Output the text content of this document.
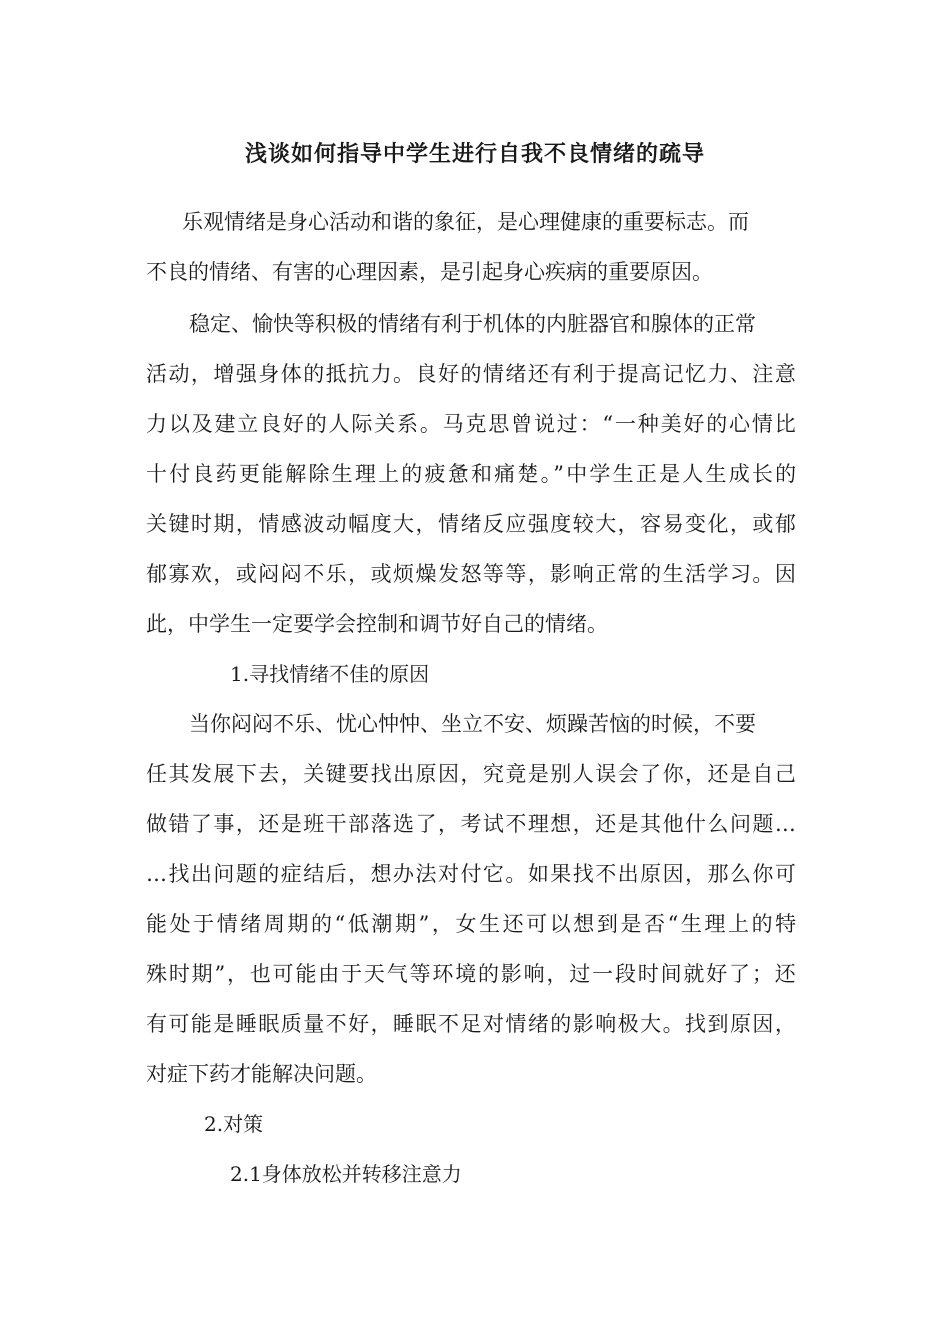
浅谈如何指导中学生进行自我不良情绪的疏导
乐观情绪是身心活动和谐的象征，是心理健康的重要标志。而
不良的情绪、有害的心理因素，是引起身心疾病的重要原因。
稳定、愉快等积极的情绪有利于机体的内脏器官和腺体的正常
活动，增强身体的抵抗力。良好的情绪还有利于提高记忆力、注意
力以及建立良好的人际关系。马克思曾说过：“一种美好的心情比
十付良药更能解除生理上的疲惫和痛楚。”中学生正是人生成长的
关键时期，情感波动幅度大，情绪反应强度较大，容易变化，或郁
郁寡欢，或闷闷不乐，或烦燥发怒等等，影响正常的生活学习。因
此，中学生一定要学会控制和调节好自己的情绪。
1.寻找情绪不佳的原因
当你闷闷不乐、忧心忡忡、坐立不安、烦躁苦恼的时候，不要
任其发展下去，关键要找出原因，究竟是别人误会了你，还是自己
做错了事，还是班干部落选了，考试不理想，还是其他什么问题…
…找出问题的症结后，想办法对付它。如果找不出原因，那么你可
能处于情绪周期的“低潮期”，女生还可以想到是否“生理上的特
殊时期”，也可能由于天气等环境的影响，过一段时间就好了；还
有可能是睡眠质量不好，睡眠不足对情绪的影响极大。找到原因，
对症下药才能解决问题。
2.对策
2.1身体放松并转移注意力
